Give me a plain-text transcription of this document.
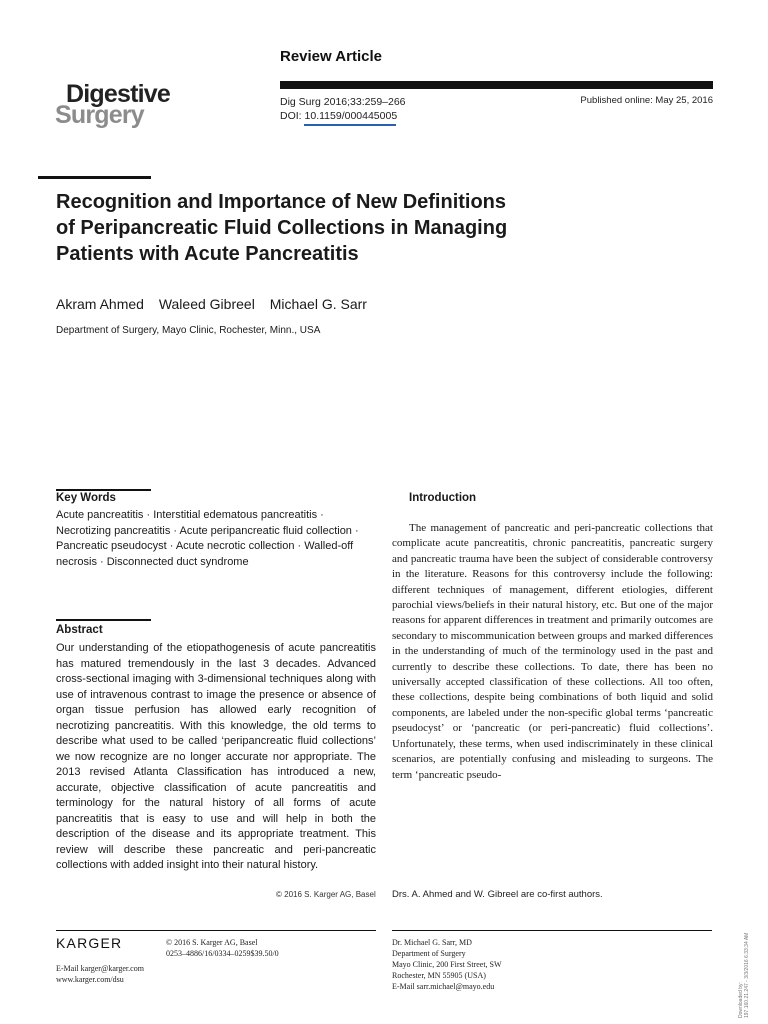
Review Article
Digestive
Surgery	Dig Surg 2016;33:259–266
DOI: 10.1159/000445005
Published online: May 25, 2016
Recognition and Importance of New Definitions
of Peripancreatic Fluid Collections in Managing
Patients with Acute Pancreatitis
Akram Ahmed Waleed Gibreel Michael G. Sarr
Department of Surgery, Mayo Clinic, Rochester, Minn., USA
Key Words
Acute pancreatitis · Interstitial edematous pancreatitis · Necrotizing pancreatitis · Acute peripancreatic fluid collection · Pancreatic pseudocyst · Acute necrotic collection · Walled-off necrosis · Disconnected duct syndrome
Abstract
Our understanding of the etiopathogenesis of acute pancreatitis has matured tremendously in the last 3 decades. Advanced cross-sectional imaging with 3-dimensional techniques along with use of intravenous contrast to image the presence or absence of organ tissue perfusion has allowed early recognition of necrotizing pancreatitis. With this knowledge, the old terms to describe what used to be called ‘peripancreatic fluid collections’ we now recognize are no longer accurate nor appropriate. The 2013 revised Atlanta Classification has introduced a new, accurate, objective classification of acute pancreatitis and terminology for the natural history of all forms of acute pancreatitis that is easy to use and will help in both the description of the disease and its appropriate treatment. This review will describe these pancreatic and peri-pancreatic collections with added insight into their natural history.
© 2016 S. Karger AG, Basel
Introduction

The management of pancreatic and peri-pancreatic collections that complicate acute pancreatitis, chronic pancreatitis, pancreatic surgery and pancreatic trauma have been the subject of considerable controversy in the literature. Reasons for this controversy include the following: different techniques of management, different etiologies, different parochial views/beliefs in their natural history, etc. But one of the major reasons for apparent differences in treatment and primarily outcomes are secondary to miscommunication between groups and marked differences in the understanding of much of the terminology used in the past and currently to describe these collections. To date, there has been no universally accepted classification of these collections. All too often, these collections, despite being combinations of both liquid and solid components, are labeled under the non-specific global terms ‘pancreatic pseudocyst’ or ‘pancreatic (or peri-pancreatic) fluid collections’. Unfortunately, these terms, when used indiscriminately in these clinical scenarios, are potentially confusing and misleading to surgeons. The term ‘pancreatic pseudo-

Drs. A. Ahmed and W. Gibreel are co-first authors.
KARGER	© 2016 S. Karger AG, Basel
0253–4886/16/0334–0259$39.50/0
E-Mail karger@karger.com
www.karger.com/dsu
Dr. Michael G. Sarr, MD
Department of Surgery
Mayo Clinic, 200 First Street, SW
Rochester, MN 55905 (USA)
E-Mail sarr.michael@mayo.edu	Downloaded by: 197.160.21.247 - 3/3/2016 6:33:34 AM
